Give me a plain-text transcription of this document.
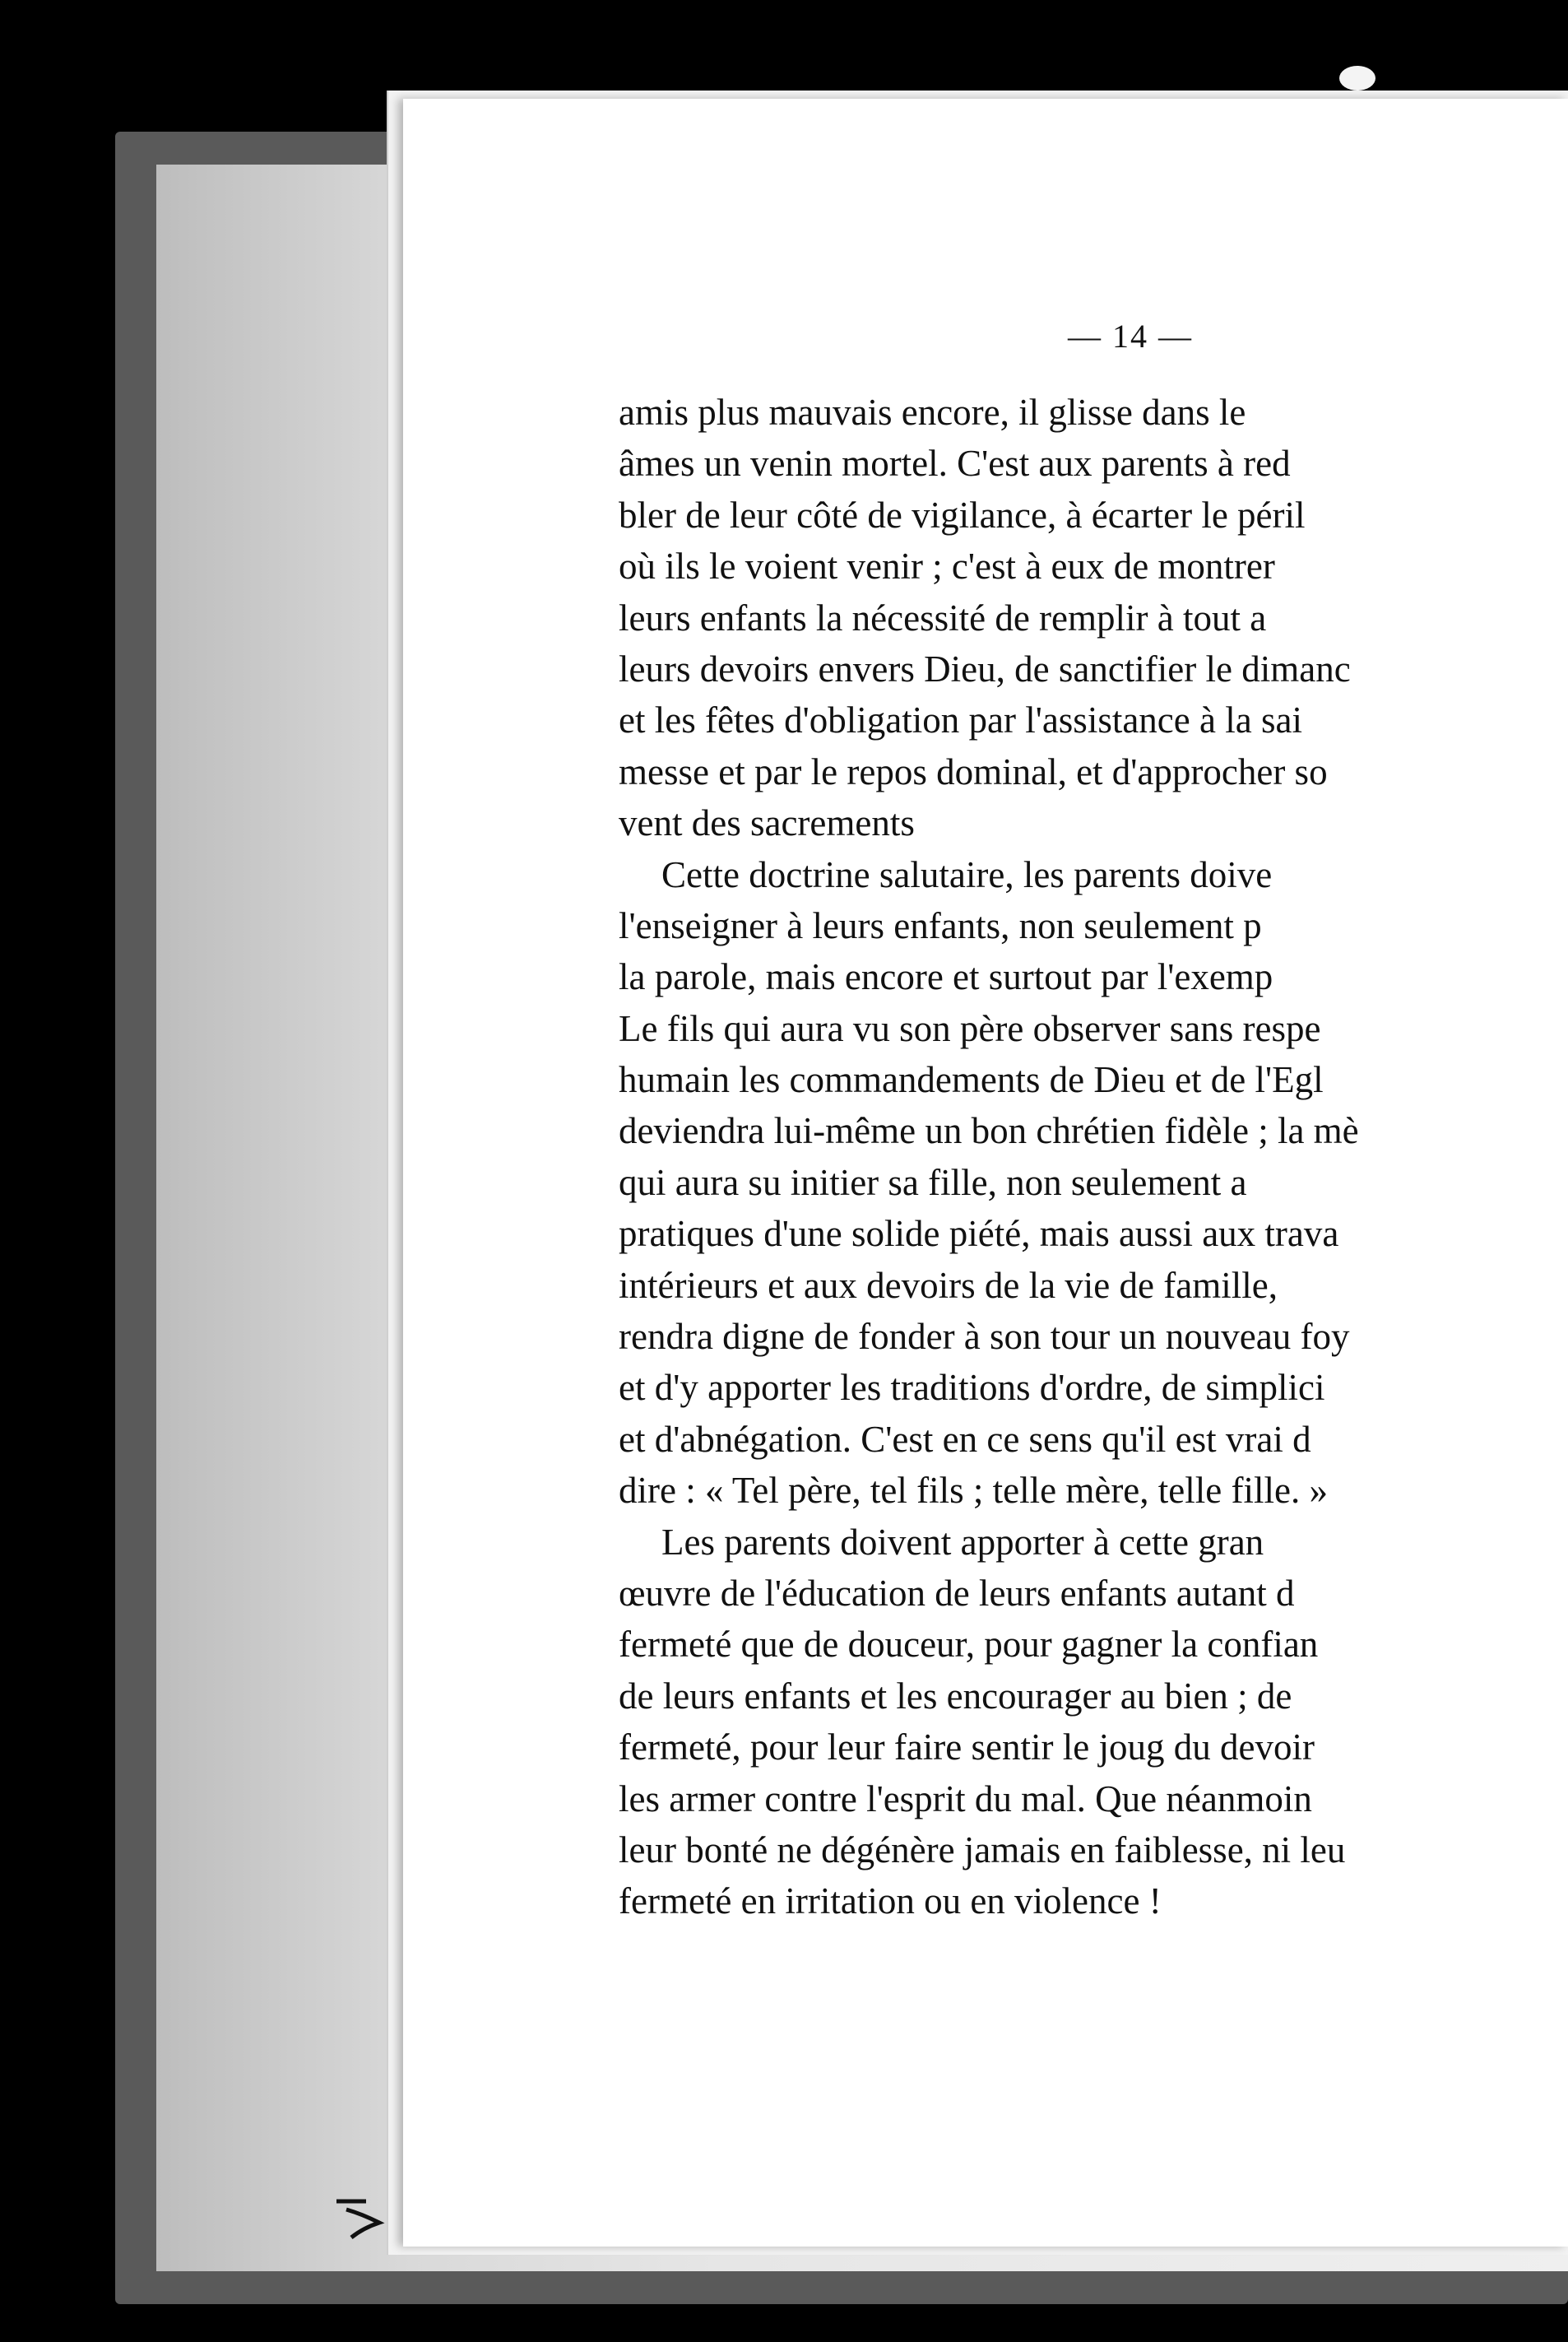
— 14 —
amis plus mauvais encore, il glisse dans le
âmes un venin mortel. C'est aux parents à red
bler de leur côté de vigilance, à écarter le péril
où ils le voient venir ; c'est à eux de montrer
leurs enfants la nécessité de remplir à tout a
leurs devoirs envers Dieu, de sanctifier le dimanc
et les fêtes d'obligation par l'assistance à la sai
messe et par le repos dominal, et d'approcher so
vent des sacrements
Cette doctrine salutaire, les parents doive
l'enseigner à leurs enfants, non seulement p
la parole, mais encore et surtout par l'exemp
Le fils qui aura vu son père observer sans respe
humain les commandements de Dieu et de l'Egl
deviendra lui-même un bon chrétien fidèle ; la mè
qui aura su initier sa fille, non seulement a
pratiques d'une solide piété, mais aussi aux trava
intérieurs et aux devoirs de la vie de famille,
rendra digne de fonder à son tour un nouveau foy
et d'y apporter les traditions d'ordre, de simplici
et d'abnégation. C'est en ce sens qu'il est vrai d
dire : « Tel père, tel fils ; telle mère, telle fille. »
Les parents doivent apporter à cette gran
œuvre de l'éducation de leurs enfants autant d
fermeté que de douceur, pour gagner la confian
de leurs enfants et les encourager au bien ; de
fermeté, pour leur faire sentir le joug du devoir
les armer contre l'esprit du mal. Que néanmoin
leur bonté ne dégénère jamais en faiblesse, ni leu
fermeté en irritation ou en violence !
